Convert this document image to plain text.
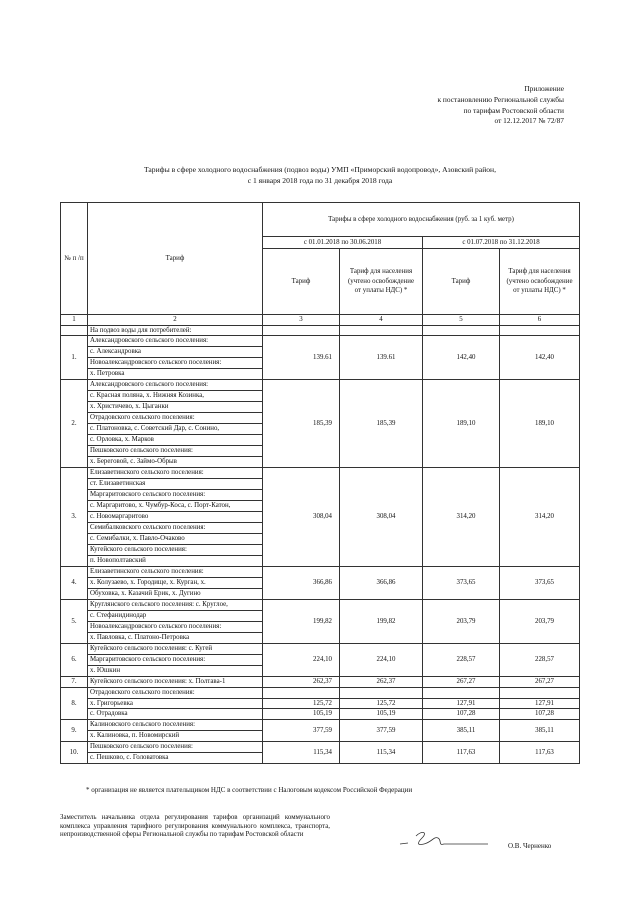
Приложение
к постановлению Региональной службы
по тарифам Ростовской области
от 12.12.2017 № 72/87
Тарифы в сфере холодного водоснабжения (подвоз воды) УМП «Приморский водопровод», Азовский район,
с 1 января 2018 года по 31 декабря 2018 года
№ п /п	Тариф	Тарифы в сфере холодного водоснабжения (руб. за 1 куб. метр)			
		с 01.01.2018 по 30.06.2018		с 01.07.2018 по 31.12.2018	
		Тариф	Тариф для населения (учтено освобождение от уплаты НДС) *	Тариф	Тариф для населения (учтено освобождение от уплаты НДС) *
1	2	3	4	5	6
	На подвоз воды для потребителей:				
1.	Александровского сельского поселения:	139.61	139.61	142,40	142,40
	с. Александровка				
	Новоалександровского сельского поселения:				
	х. Петровка				
2.	Александровского сельского поселения:	185,39	185,39	189,10	189,10
	с. Красная поляна, х. Нижняя Козинка,				
	х. Христичево, х. Цыганки				
	Отрадовского сельского поселения:				
	с. Платоновка, с. Советский Дар, с. Сонино,				
	с. Орловка, х. Марков				
	Пешковского сельского поселения:				
	х. Береговой, с. Займо-Обрыв				
3.	Елизаветинского сельского поселения:	308,04	308,04	314,20	314,20
	ст. Елизаветинская				
	Маргаритовского сельского поселения:				
	с. Маргаритово, х. Чумбур-Коса, с. Порт-Катон,				
	с. Новомаргаритово				
	Семибалковского сельского поселения:				
	с. Семибалки, х. Павло-Очаково				
	Кугейского сельского поселения:				
	п. Новополтавский				
4.	Елизаветинского сельского поселения:	366,86	366,86	373,65	373,65
	х. Колузаево, х. Городище, х. Курган, х.				
	Обуховка, х. Казачий Ерик, х. Дугино				
5.	Круглянского сельского поселения: с. Круглое,	199,82	199,82	203,79	203,79
	с. Стефанидинодар				
	Новоалександровского сельского поселения:				
	х. Павловка, с. Платоно-Петровка				
6.	Кугейского сельского поселения: с. Кугей	224,10	224,10	228,57	228,57
	Маргаритовского сельского поселения:				
	х. Юшкин				
7.	Кугейского сельского поселения: х. Полтава-1	262,37	262,37	267,27	267,27
8.	Отрадовского сельского поселения:				
	х. Григорьевка	125,72	125,72	127,91	127,91
	с. Отрадовка	105,19	105,19	107,28	107,28
9.	Калиновского сельского поселения:	377,59	377,59	385,11	385,11
	х. Калиновка, п. Новомирский				
10.	Пешковского сельского поселения:	115,34	115,34	117,63	117,63
	с. Пешково, с. Головатовка				
* организация не является плательщиком НДС в соответствии с Налоговым кодексом Российской Федерации
Заместитель начальника отдела регулирования тарифов организаций коммунального комплекса управления тарифного регулирования коммунального комплекса, транспорта, непроизводственной сферы Региональной службы по тарифам Ростовской области
О.В. Черненко
